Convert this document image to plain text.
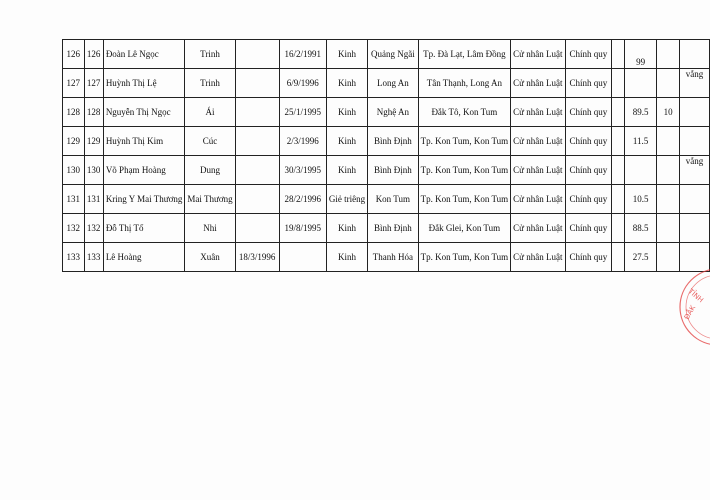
126	126	Đoàn Lê Ngọc	Trinh		16/2/1991	Kinh	Quảng Ngãi	Tp. Đà Lạt, Lâm Đồng	Cử nhân Luật	Chính quy		99		
127	127	Huỳnh Thị Lệ	Trinh		6/9/1996	Kinh	Long An	Tân Thạnh, Long An	Cử nhân Luật	Chính quy				vắng
128	128	Nguyễn Thị Ngọc	Ái		25/1/1995	Kinh	Nghệ An	Đắk Tô, Kon Tum	Cử nhân Luật	Chính quy		89.5	10	
129	129	Huỳnh Thị Kim	Cúc		2/3/1996	Kinh	Bình Định	Tp. Kon Tum, Kon Tum	Cử nhân Luật	Chính quy		11.5		
130	130	Võ Phạm Hoàng	Dung		30/3/1995	Kinh	Bình Định	Tp. Kon Tum, Kon Tum	Cử nhân Luật	Chính quy				vắng
131	131	Kring Y Mai Thương	Mai Thương		28/2/1996	Giẻ triêng	Kon Tum	Tp. Kon Tum, Kon Tum	Cử nhân Luật	Chính quy		10.5		
132	132	Đỗ Thị Tố	Nhi		19/8/1995	Kinh	Bình Định	Đắk Glei, Kon Tum	Cử nhân Luật	Chính quy		88.5		
133	133	Lê Hoàng	Xuân	18/3/1996		Kinh	Thanh Hóa	Tp. Kon Tum, Kon Tum	Cử nhân Luật	Chính quy		27.5		
TỈNH
ĐẮK
